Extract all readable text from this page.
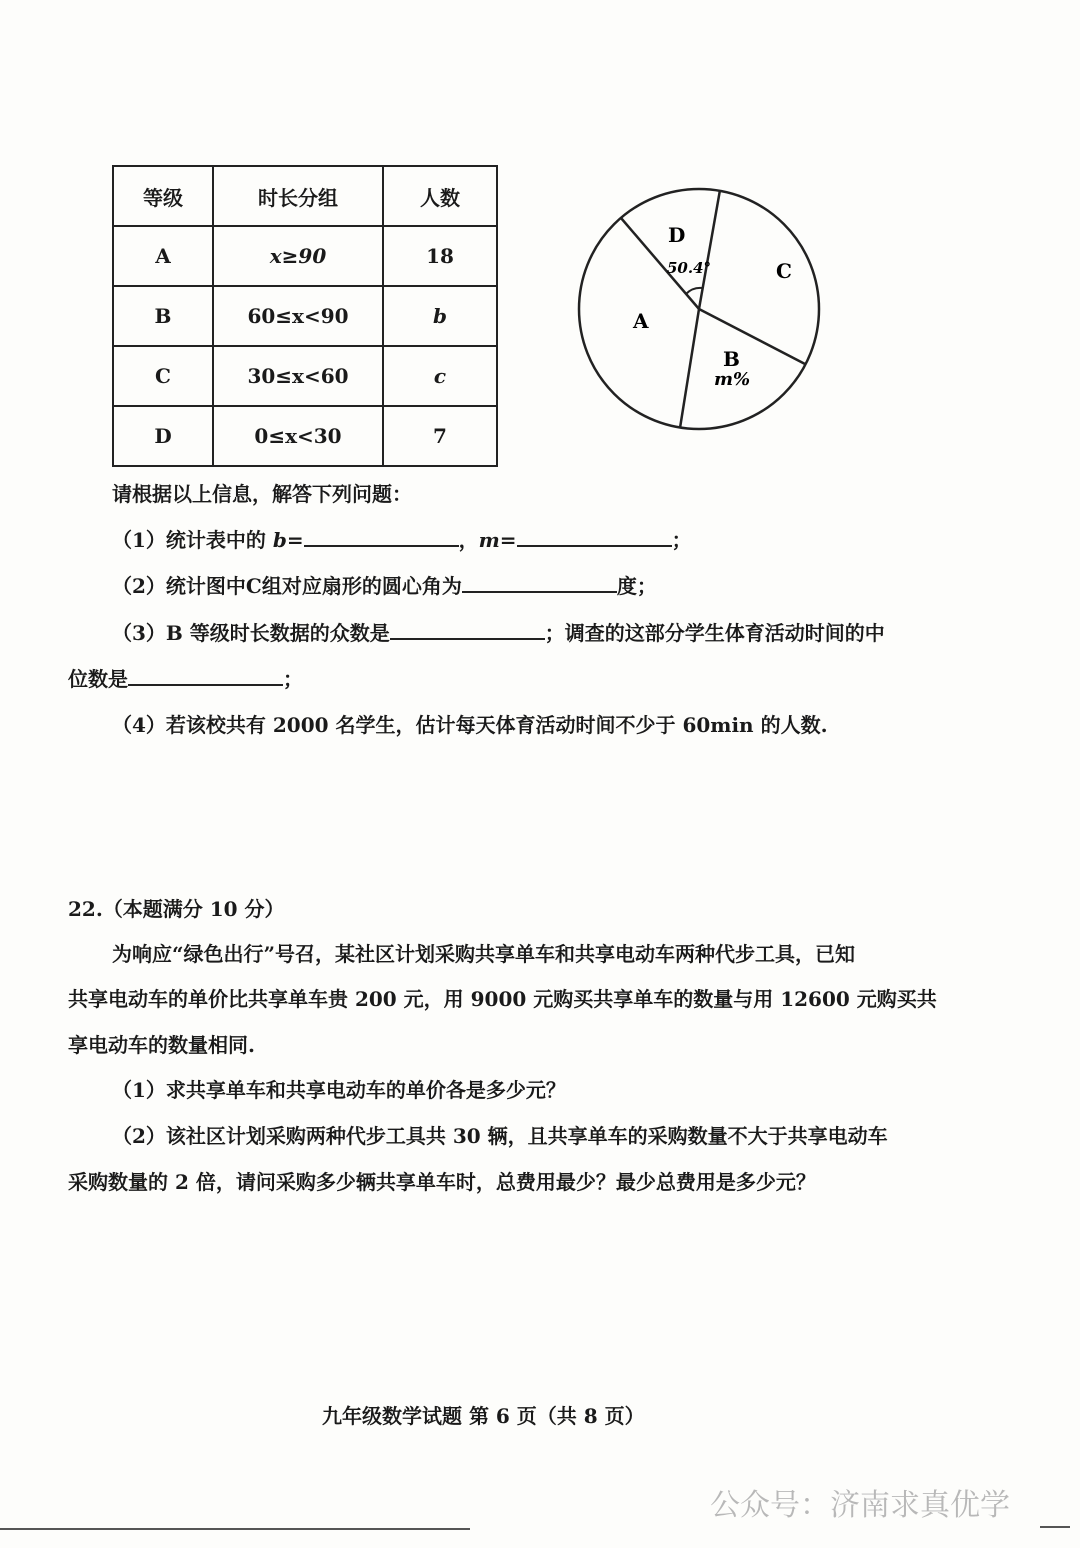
等级	时长分组	人数
A	x≥90	18
B	60≤x<90	b
C	30≤x<60	c
D	0≤x<30	7
C
D
50.4°
A
B
m%
请根据以上信息，解答下列问题：
（1）统计表中的 b=	，m=	；
（2）统计图中C组对应扇形的圆心角为	度；
（3）B 等级时长数据的众数是	；调查的这部分学生体育活动时间的中
位数是	；
（4）若该校共有 2000 名学生，估计每天体育活动时间不少于 60min 的人数.
22.（本题满分 10 分）
为响应“绿色出行”号召，某社区计划采购共享单车和共享电动车两种代步工具，已知
共享电动车的单价比共享单车贵 200 元，用 9000 元购买共享单车的数量与用 12600 元购买共
享电动车的数量相同.
（1）求共享单车和共享电动车的单价各是多少元？
（2）该社区计划采购两种代步工具共 30 辆，且共享单车的采购数量不大于共享电动车
采购数量的 2 倍，请问采购多少辆共享单车时，总费用最少？最少总费用是多少元？
九年级数学试题 第 6 页（共 8 页）
公众号：济南求真优学
